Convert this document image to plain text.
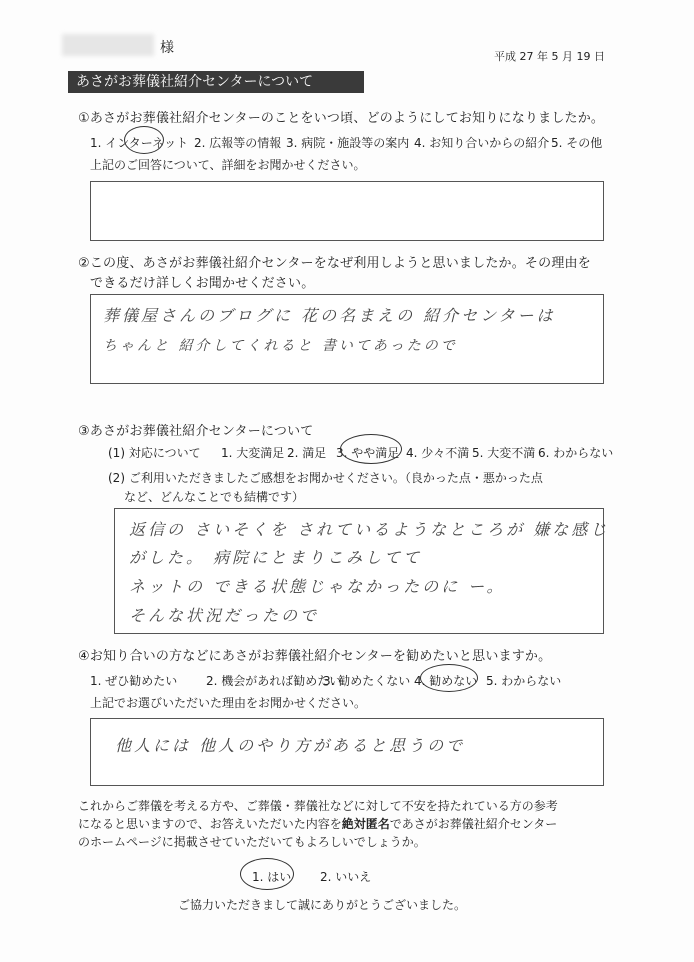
様
平成 27 年 5 月 19 日
あさがお葬儀社紹介センターについて
①あさがお葬儀社紹介センターのことをいつ頃、どのようにしてお知りになりましたか。
1. インターネット 2. 広報等の情報 3. 病院・施設等の案内 4. お知り合いからの紹介 5. その他
上記のご回答について、詳細をお聞かせください。
②この度、あさがお葬儀社紹介センターをなぜ利用しようと思いましたか。その理由を
できるだけ詳しくお聞かせください。
葬儀屋さんのブログに 花の名まえの 紹介センターは
ちゃんと 紹介してくれると 書いてあったので
③あさがお葬儀社紹介センターについて
(1) 対応について 1. 大変満足 2. 満足 3. やや満足 4. 少々不満 5. 大変不満 6. わからない
(2) ご利用いただきましたご感想をお聞かせください。（良かった点・悪かった点
など、どんなことでも結構です）
返信の さいそくを されているようなところが 嫌な感じ
がした。 病院にとまりこみしてて
ネットの できる状態じゃなかったのに ー。
そんな状況だったので
④お知り合いの方などにあさがお葬儀社紹介センターを勧めたいと思いますか。
1. ぜひ勧めたい 2. 機会があれば勧めたい
3. 勧めたくない 4. 勧めない 5. わからない
上記でお選びいただいた理由をお聞かせください。
他人には 他人のやり方があると思うので
これからご葬儀を考える方や、ご葬儀・葬儀社などに対して不安を持たれている方の参考
になると思いますので、お答えいただいた内容を絶対匿名であさがお葬儀社紹介センター
のホームページに掲載させていただいてもよろしいでしょうか。
1. はい 2. いいえ
ご協力いただきまして誠にありがとうございました。
